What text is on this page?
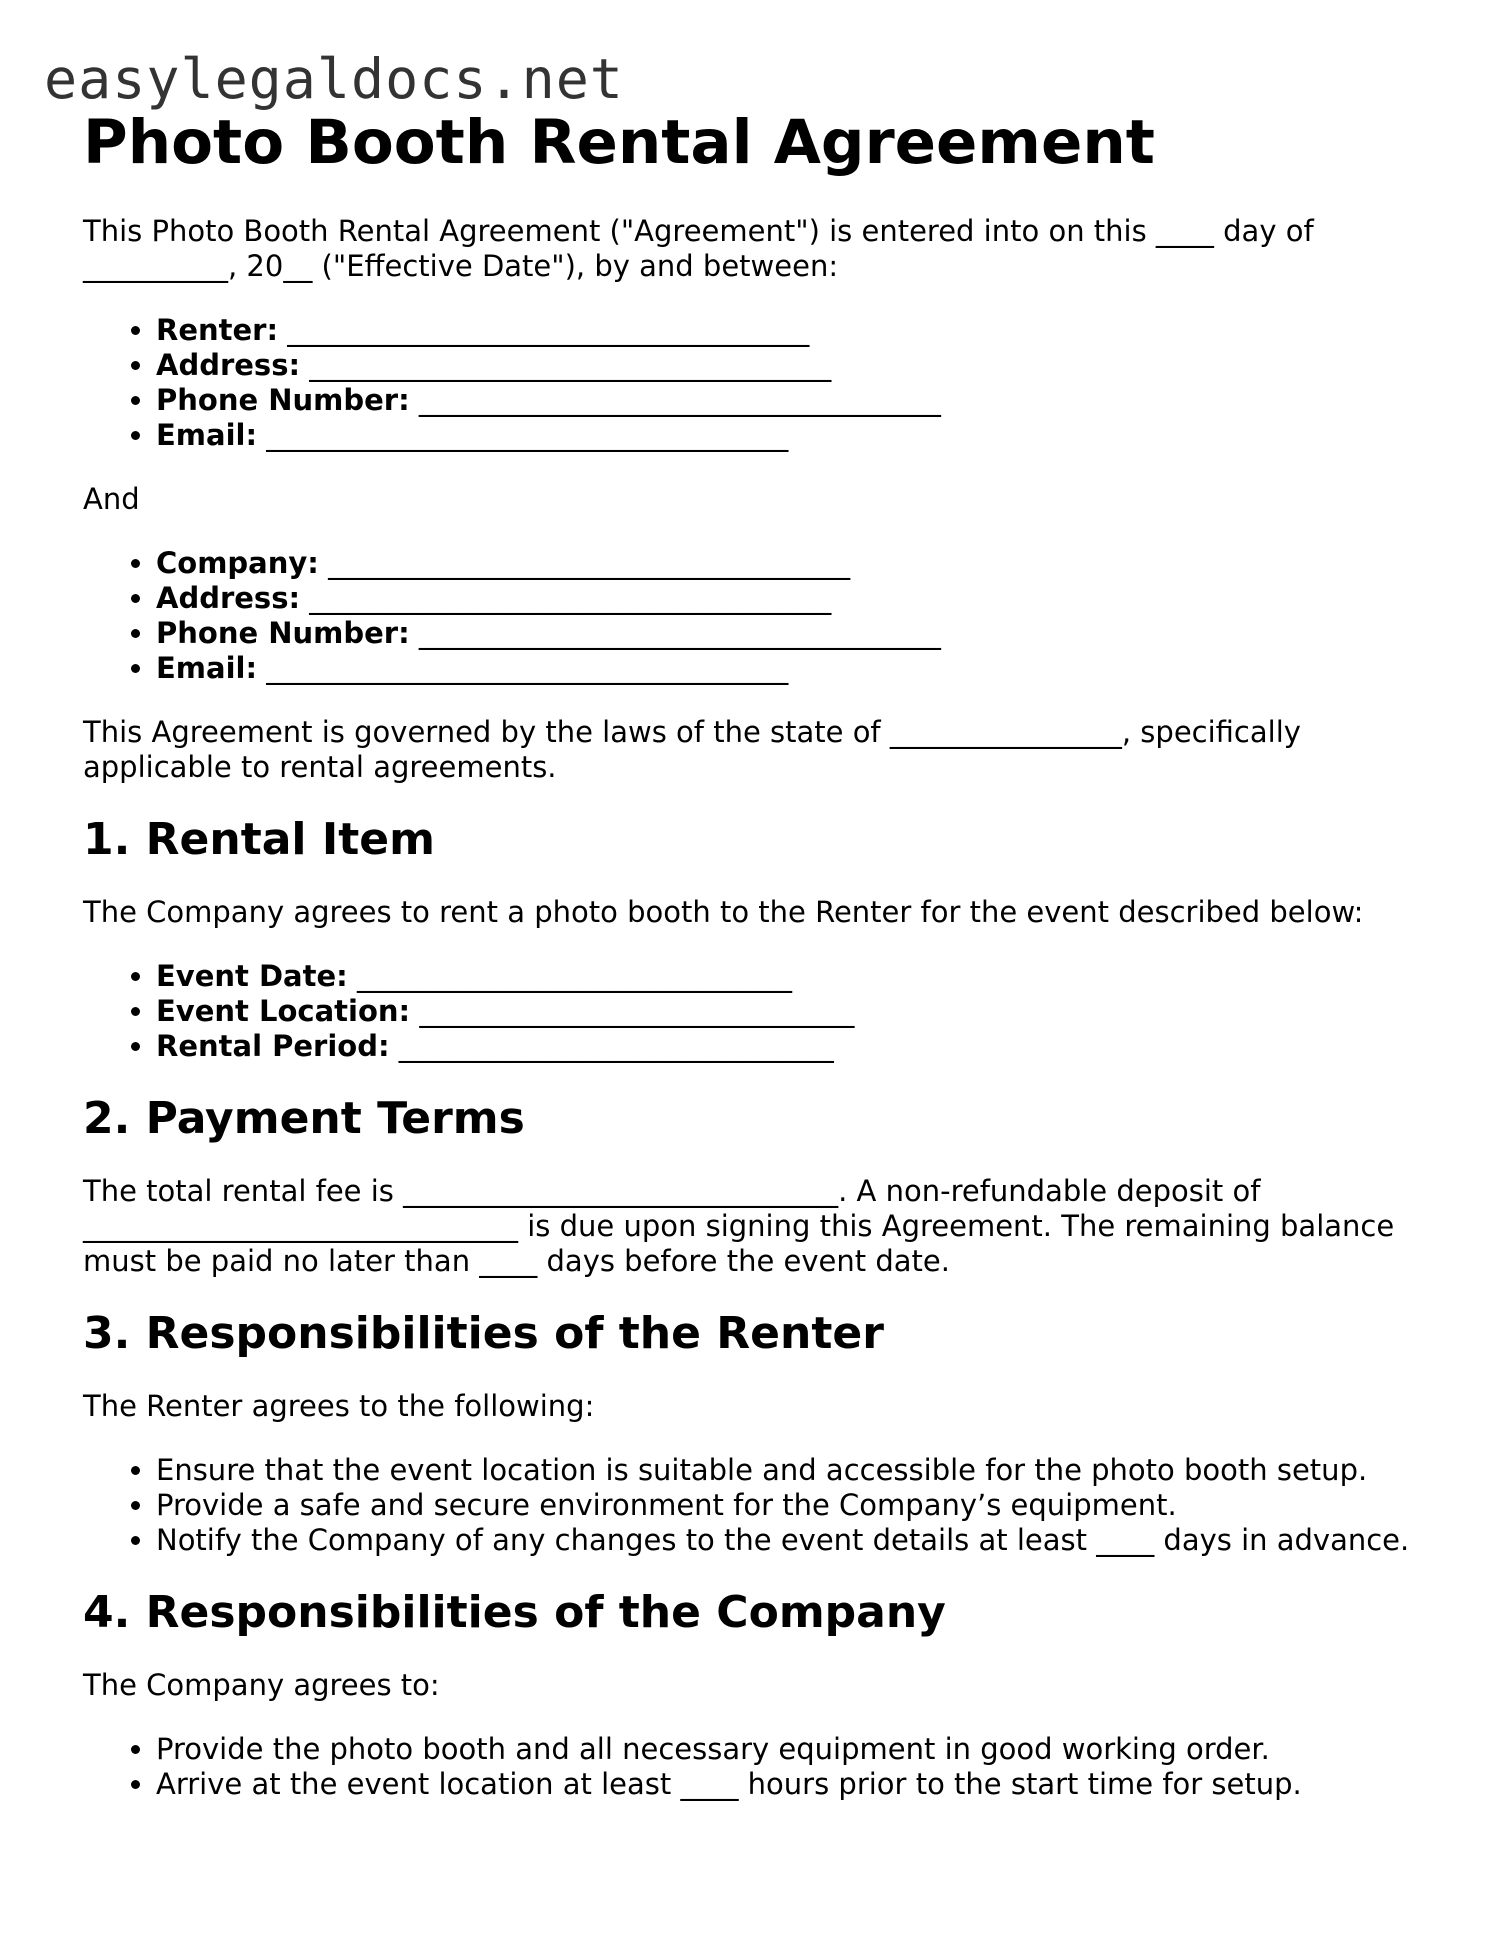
easylegaldocs.net
Photo Booth Rental Agreement

This Photo Booth Rental Agreement ("Agreement") is entered into on this ____ day of __________, 20__ ("Effective Date"), by and between:

• Renter: ____________________________________
• Address: ____________________________________
• Phone Number: ____________________________________
• Email: ____________________________________

And

• Company: ____________________________________
• Address: ____________________________________
• Phone Number: ____________________________________
• Email: ____________________________________

This Agreement is governed by the laws of the state of ________________, specifically applicable to rental agreements.

1. Rental Item

The Company agrees to rent a photo booth to the Renter for the event described below:

• Event Date: ______________________________
• Event Location: ______________________________
• Rental Period: ______________________________
2. Payment Terms

The total rental fee is ______________________________. A non-refundable deposit of ______________________________ is due upon signing this Agreement. The remaining balance must be paid no later than ____ days before the event date.

3. Responsibilities of the Renter

The Renter agrees to the following:

• Ensure that the event location is suitable and accessible for the photo booth setup.
• Provide a safe and secure environment for the Company’s equipment.
• Notify the Company of any changes to the event details at least ____ days in advance.
4. Responsibilities of the Company

The Company agrees to:

• Provide the photo booth and all necessary equipment in good working order.
• Arrive at the event location at least ____ hours prior to the start time for setup.
